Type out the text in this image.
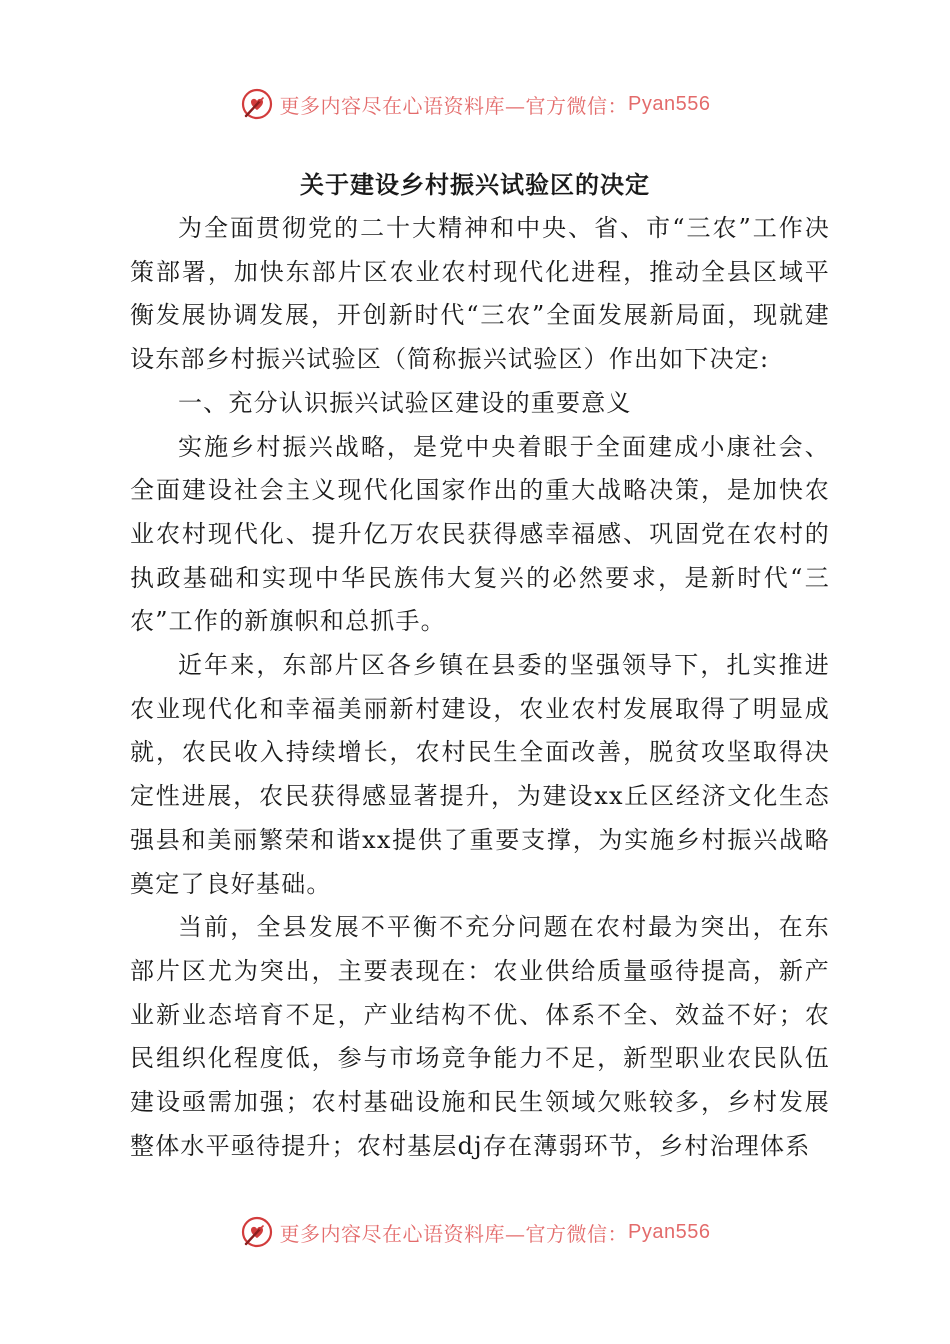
更多内容尽在心语资料库—官方微信： Pyan556
关于建设乡村振兴试验区的决定

为全面贯彻党的二十大精神和中央、省、市“三农”工作决策部署，加快东部片区农业农村现代化进程，推动全县区域平衡发展协调发展，开创新时代“三农”全面发展新局面，现就建设东部乡村振兴试验区（简称振兴试验区）作出如下决定:

一、充分认识振兴试验区建设的重要意义

实施乡村振兴战略，是党中央着眼于全面建成小康社会、全面建设社会主义现代化国家作出的重大战略决策，是加快农业农村现代化、提升亿万农民获得感幸福感、巩固党在农村的执政基础和实现中华民族伟大复兴的必然要求，是新时代“三农”工作的新旗帜和总抓手。

近年来，东部片区各乡镇在县委的坚强领导下，扎实推进农业现代化和幸福美丽新村建设，农业农村发展取得了明显成就，农民收入持续增长，农村民生全面改善，脱贫攻坚取得决定性进展，农民获得感显著提升，为建设xx丘区经济文化生态强县和美丽繁荣和谐xx提供了重要支撑，为实施乡村振兴战略奠定了良好基础。

当前，全县发展不平衡不充分问题在农村最为突出，在东部片区尤为突出，主要表现在：农业供给质量亟待提高，新产业新业态培育不足，产业结构不优、体系不全、效益不好；农民组织化程度低，参与市场竞争能力不足，新型职业农民队伍建设亟需加强；农村基础设施和民生领域欠账较多，乡村发展整体水平亟待提升；农村基层dj存在薄弱环节，乡村治理体系

更多内容尽在心语资料库—官方微信： Pyan556
